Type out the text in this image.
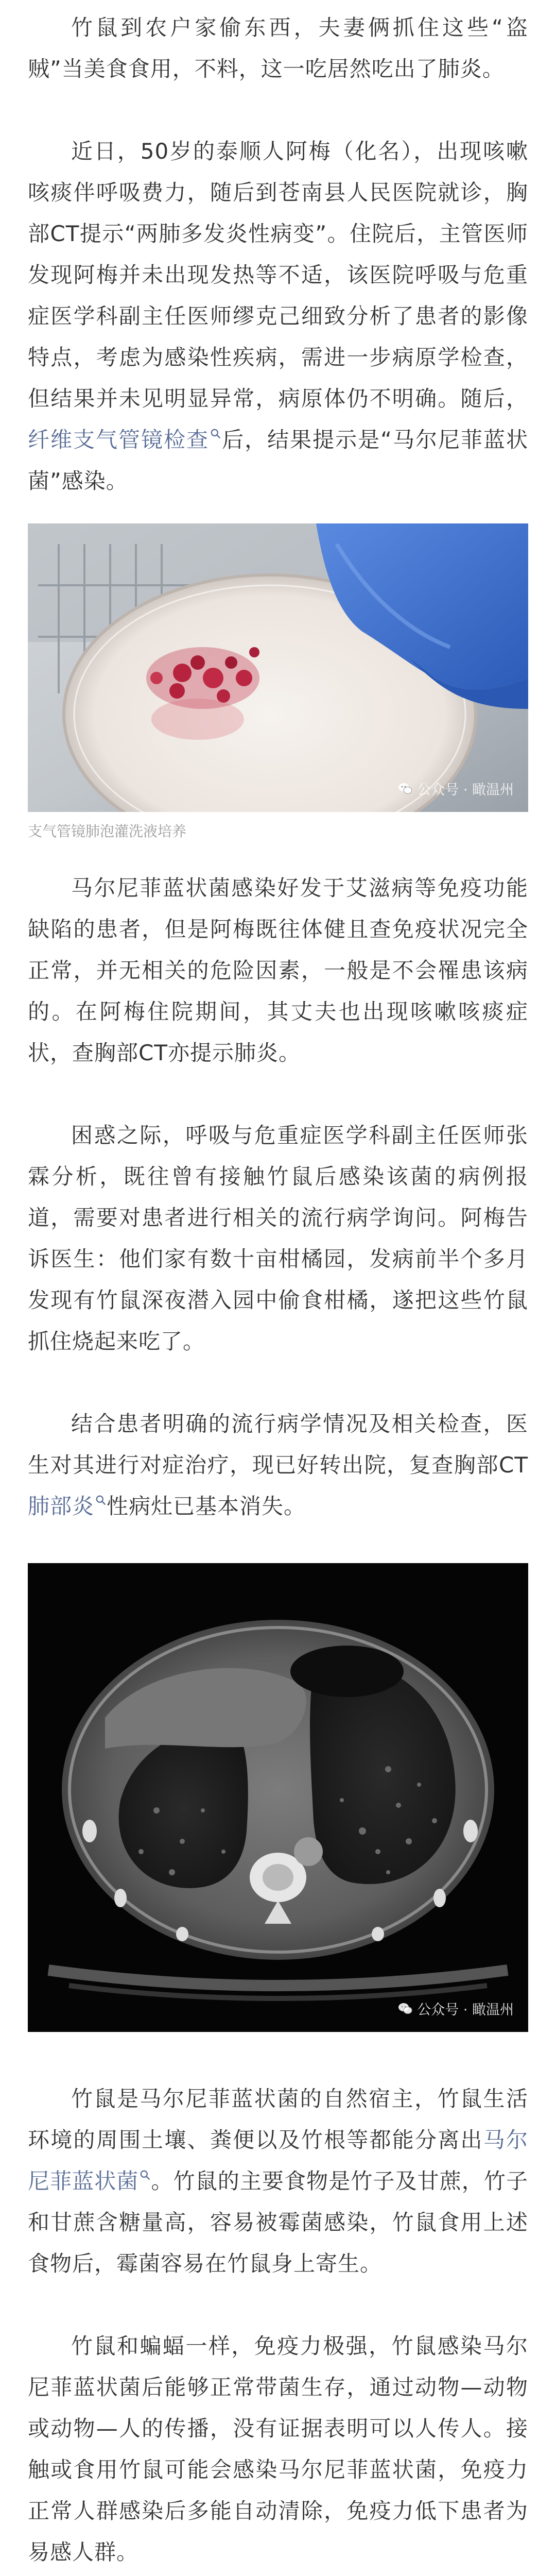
竹鼠到农户家偷东西，夫妻俩抓住这些“盗贼”当美食食用，不料，这一吃居然吃出了肺炎。

近日，50岁的泰顺人阿梅（化名），出现咳嗽咳痰伴呼吸费力，随后到苍南县人民医院就诊，胸部CT提示“两肺多发炎性病变”。住院后，主管医师发现阿梅并未出现发热等不适，该医院呼吸与危重症医学科副主任医师缪克己细致分析了患者的影像特点，考虑为感染性疾病，需进一步病原学检查，但结果并未见明显异常，病原体仍不明确。随后，纤维支气管镜检查 后，结果提示是“马尔尼菲蓝状菌”感染。

公众号 · 瞰温州

支气管镜肺泡灌洗液培养

马尔尼菲蓝状菌感染好发于艾滋病等免疫功能缺陷的患者，但是阿梅既往体健且查免疫状况完全正常，并无相关的危险因素，一般是不会罹患该病的。在阿梅住院期间，其丈夫也出现咳嗽咳痰症状，查胸部CT亦提示肺炎。

困惑之际，呼吸与危重症医学科副主任医师张霖分析，既往曾有接触竹鼠后感染该菌的病例报道，需要对患者进行相关的流行病学询问。阿梅告诉医生：他们家有数十亩柑橘园，发病前半个多月发现有竹鼠深夜潜入园中偷食柑橘，遂把这些竹鼠抓住烧起来吃了。

结合患者明确的流行病学情况及相关检查，医生对其进行对症治疗，现已好转出院，复查胸部CT肺部炎 性病灶已基本消失。

公众号 · 瞰温州

竹鼠是马尔尼菲蓝状菌的自然宿主，竹鼠生活环境的周围土壤、粪便以及竹根等都能分离出马尔尼菲蓝状菌 。竹鼠的主要食物是竹子及甘蔗，竹子和甘蔗含糖量高，容易被霉菌感染，竹鼠食用上述食物后，霉菌容易在竹鼠身上寄生。

竹鼠和蝙蝠一样，免疫力极强，竹鼠感染马尔尼菲蓝状菌后能够正常带菌生存，通过动物—动物或动物—人的传播，没有证据表明可以人传人。接触或食用竹鼠可能会感染马尔尼菲蓝状菌，免疫力正常人群感染后多能自动清除，免疫力低下患者为易感人群。
